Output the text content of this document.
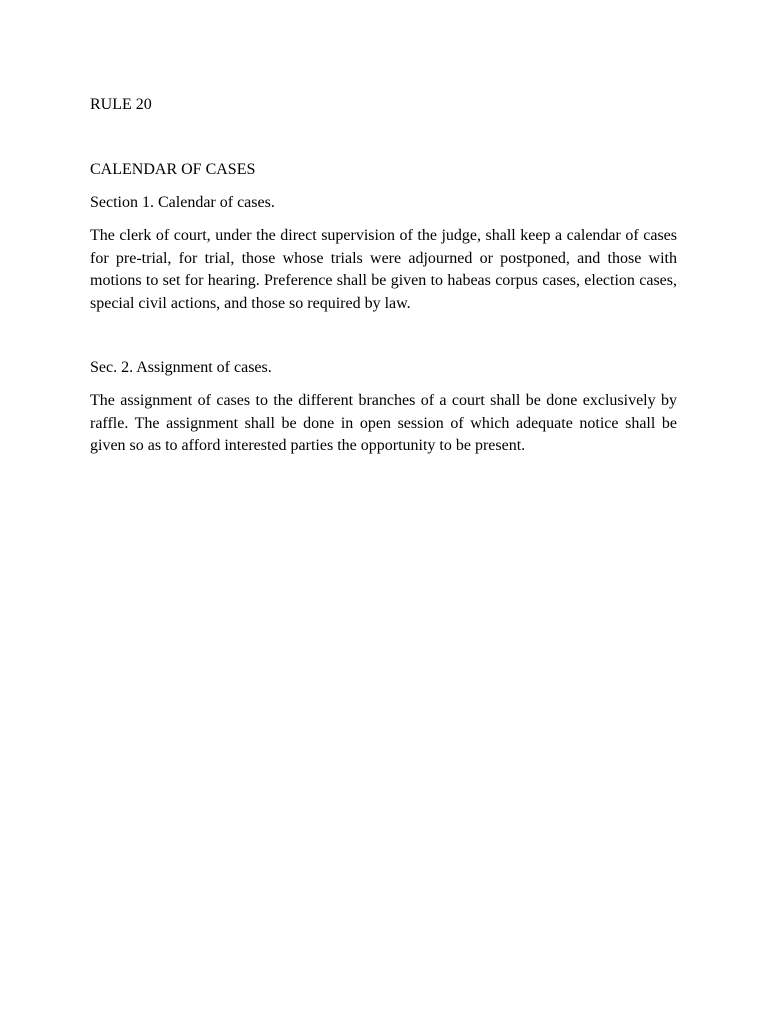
RULE 20
CALENDAR OF CASES
Section 1. Calendar of cases.

The clerk of court, under the direct supervision of the judge, shall keep a calendar of cases for pre-trial, for trial, those whose trials were adjourned or postponed, and those with motions to set for hearing. Preference shall be given to habeas corpus cases, election cases, special civil actions, and those so required by law.

Sec. 2. Assignment of cases.

The assignment of cases to the different branches of a court shall be done exclusively by raffle. The assignment shall be done in open session of which adequate notice shall be given so as to afford interested parties the opportunity to be present.
